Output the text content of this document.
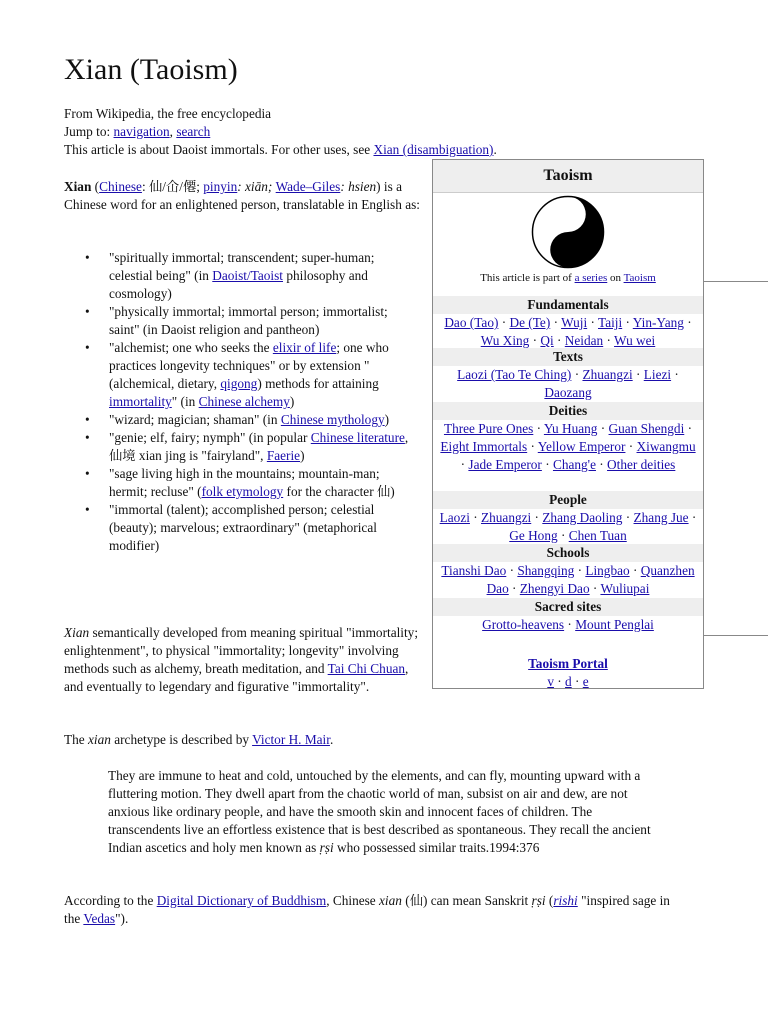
Xian (Taoism)
From Wikipedia, the free encyclopedia
Jump to: navigation, search
This article is about Daoist immortals. For other uses, see Xian (disambiguation).
Xian (Chinese: 仙/仚/僊; pinyin: xiān; Wade–Giles: hsien) is a Chinese word for an enlightened person, translatable in English as:
• "spiritually immortal; transcendent; super-human; celestial being" (in Daoist/Taoist philosophy and cosmology)
• "physically immortal; immortal person; immortalist; saint" (in Daoist religion and pantheon)
• "alchemist; one who seeks the elixir of life; one who practices longevity techniques" or by extension "(alchemical, dietary, qigong) methods for attaining immortality" (in Chinese alchemy)
• "wizard; magician; shaman" (in Chinese mythology)
• "genie; elf, fairy; nymph" (in popular Chinese literature, 仙境 xian jing is "fairyland", Faerie)
• "sage living high in the mountains; mountain-man; hermit; recluse" (folk etymology for the character 仙)
• "immortal (talent); accomplished person; celestial (beauty); marvelous; extraordinary" (metaphorical modifier)
Xian semantically developed from meaning spiritual "immortality; enlightenment", to physical "immortality; longevity" involving methods such as alchemy, breath meditation, and Tai Chi Chuan, and eventually to legendary and figurative "immortality".
The xian archetype is described by Victor H. Mair.
They are immune to heat and cold, untouched by the elements, and can fly, mounting upward with a fluttering motion. They dwell apart from the chaotic world of man, subsist on air and dew, are not anxious like ordinary people, and have the smooth skin and innocent faces of children. The transcendents live an effortless existence that is best described as spontaneous. They recall the ancient Indian ascetics and holy men known as ṛṣi who possessed similar traits.1994:376
According to the Digital Dictionary of Buddhism, Chinese xian (仙) can mean Sanskrit ṛṣi (rishi "inspired sage in the Vedas").
Taoism
This article is part of a series on Taoism
Fundamentals
Dao (Tao) · De (Te) · Wuji · Taiji · Yin-Yang · Wu Xing · Qi · Neidan · Wu wei
Texts
Laozi (Tao Te Ching) · Zhuangzi · Liezi · Daozang
Deities
Three Pure Ones · Yu Huang · Guan Shengdi · Eight Immortals · Yellow Emperor · Xiwangmu · Jade Emperor · Chang'e · Other deities
People
Laozi · Zhuangzi · Zhang Daoling · Zhang Jue · Ge Hong · Chen Tuan
Schools
Tianshi Dao · Shangqing · Lingbao · Quanzhen Dao · Zhengyi Dao · Wuliupai
Sacred sites
Grotto-heavens · Mount Penglai
Taoism Portal
v · d · e
